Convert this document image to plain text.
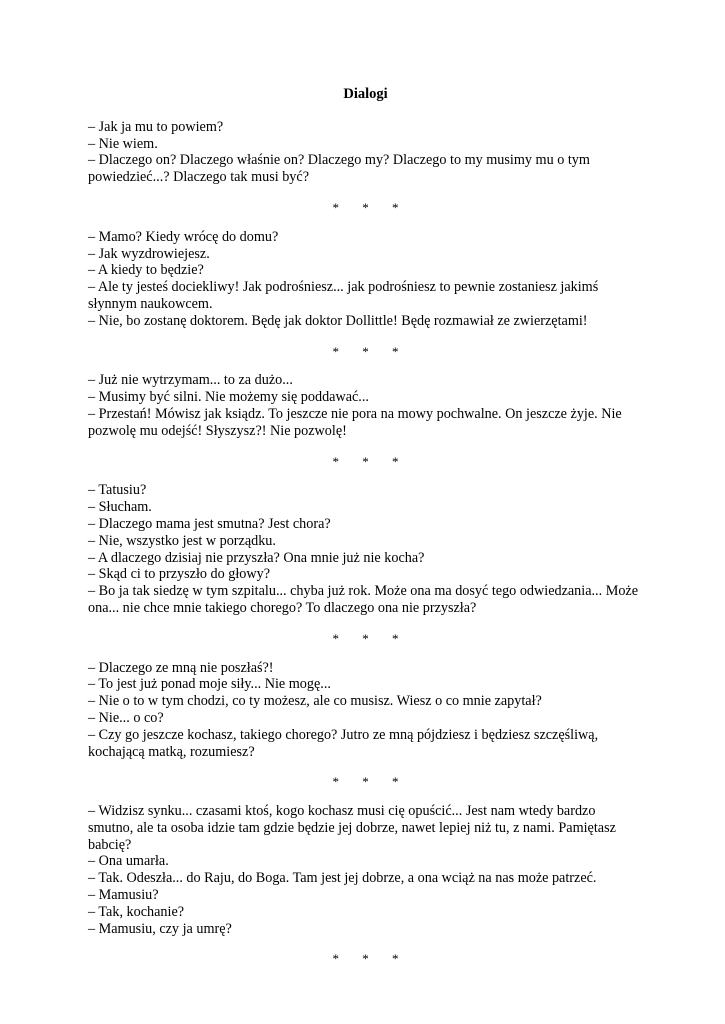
Dialogi
– Jak ja mu to powiem?
– Nie wiem.
– Dlaczego on? Dlaczego właśnie on? Dlaczego my? Dlaczego to my musimy mu o tym powiedzieć...? Dlaczego tak musi być?
* * *
– Mamo? Kiedy wrócę do domu?
– Jak wyzdrowiejesz.
– A kiedy to będzie?
– Ale ty jesteś dociekliwy! Jak podrośniesz... jak podrośniesz to pewnie zostaniesz jakimś słynnym naukowcem.
– Nie, bo zostanę doktorem. Będę jak doktor Dollittle! Będę rozmawiał ze zwierzętami!
* * *
– Już nie wytrzymam... to za dużo...
– Musimy być silni. Nie możemy się poddawać...
– Przestań! Mówisz jak ksiądz. To jeszcze nie pora na mowy pochwalne. On jeszcze żyje. Nie pozwolę mu odejść! Słyszysz?! Nie pozwolę!
* * *
– Tatusiu?
– Słucham.
– Dlaczego mama jest smutna? Jest chora?
– Nie, wszystko jest w porządku.
– A dlaczego dzisiaj nie przyszła? Ona mnie już nie kocha?
– Skąd ci to przyszło do głowy?
– Bo ja tak siedzę w tym szpitalu... chyba już rok. Może ona ma dosyć tego odwiedzania... Może ona... nie chce mnie takiego chorego? To dlaczego ona nie przyszła?
* * *
– Dlaczego ze mną nie poszłaś?!
– To jest już ponad moje siły... Nie mogę...
– Nie o to w tym chodzi, co ty możesz, ale co musisz. Wiesz o co mnie zapytał?
– Nie... o co?
– Czy go jeszcze kochasz, takiego chorego? Jutro ze mną pójdziesz i będziesz szczęśliwą, kochającą matką, rozumiesz?
* * *
– Widzisz synku... czasami ktoś, kogo kochasz musi cię opuścić... Jest nam wtedy bardzo smutno, ale ta osoba idzie tam gdzie będzie jej dobrze, nawet lepiej niż tu, z nami. Pamiętasz babcię?
– Ona umarła.
– Tak. Odeszła... do Raju, do Boga. Tam jest jej dobrze, a ona wciąż na nas może patrzeć.
– Mamusiu?
– Tak, kochanie?
– Mamusiu, czy ja umrę?
* * *
